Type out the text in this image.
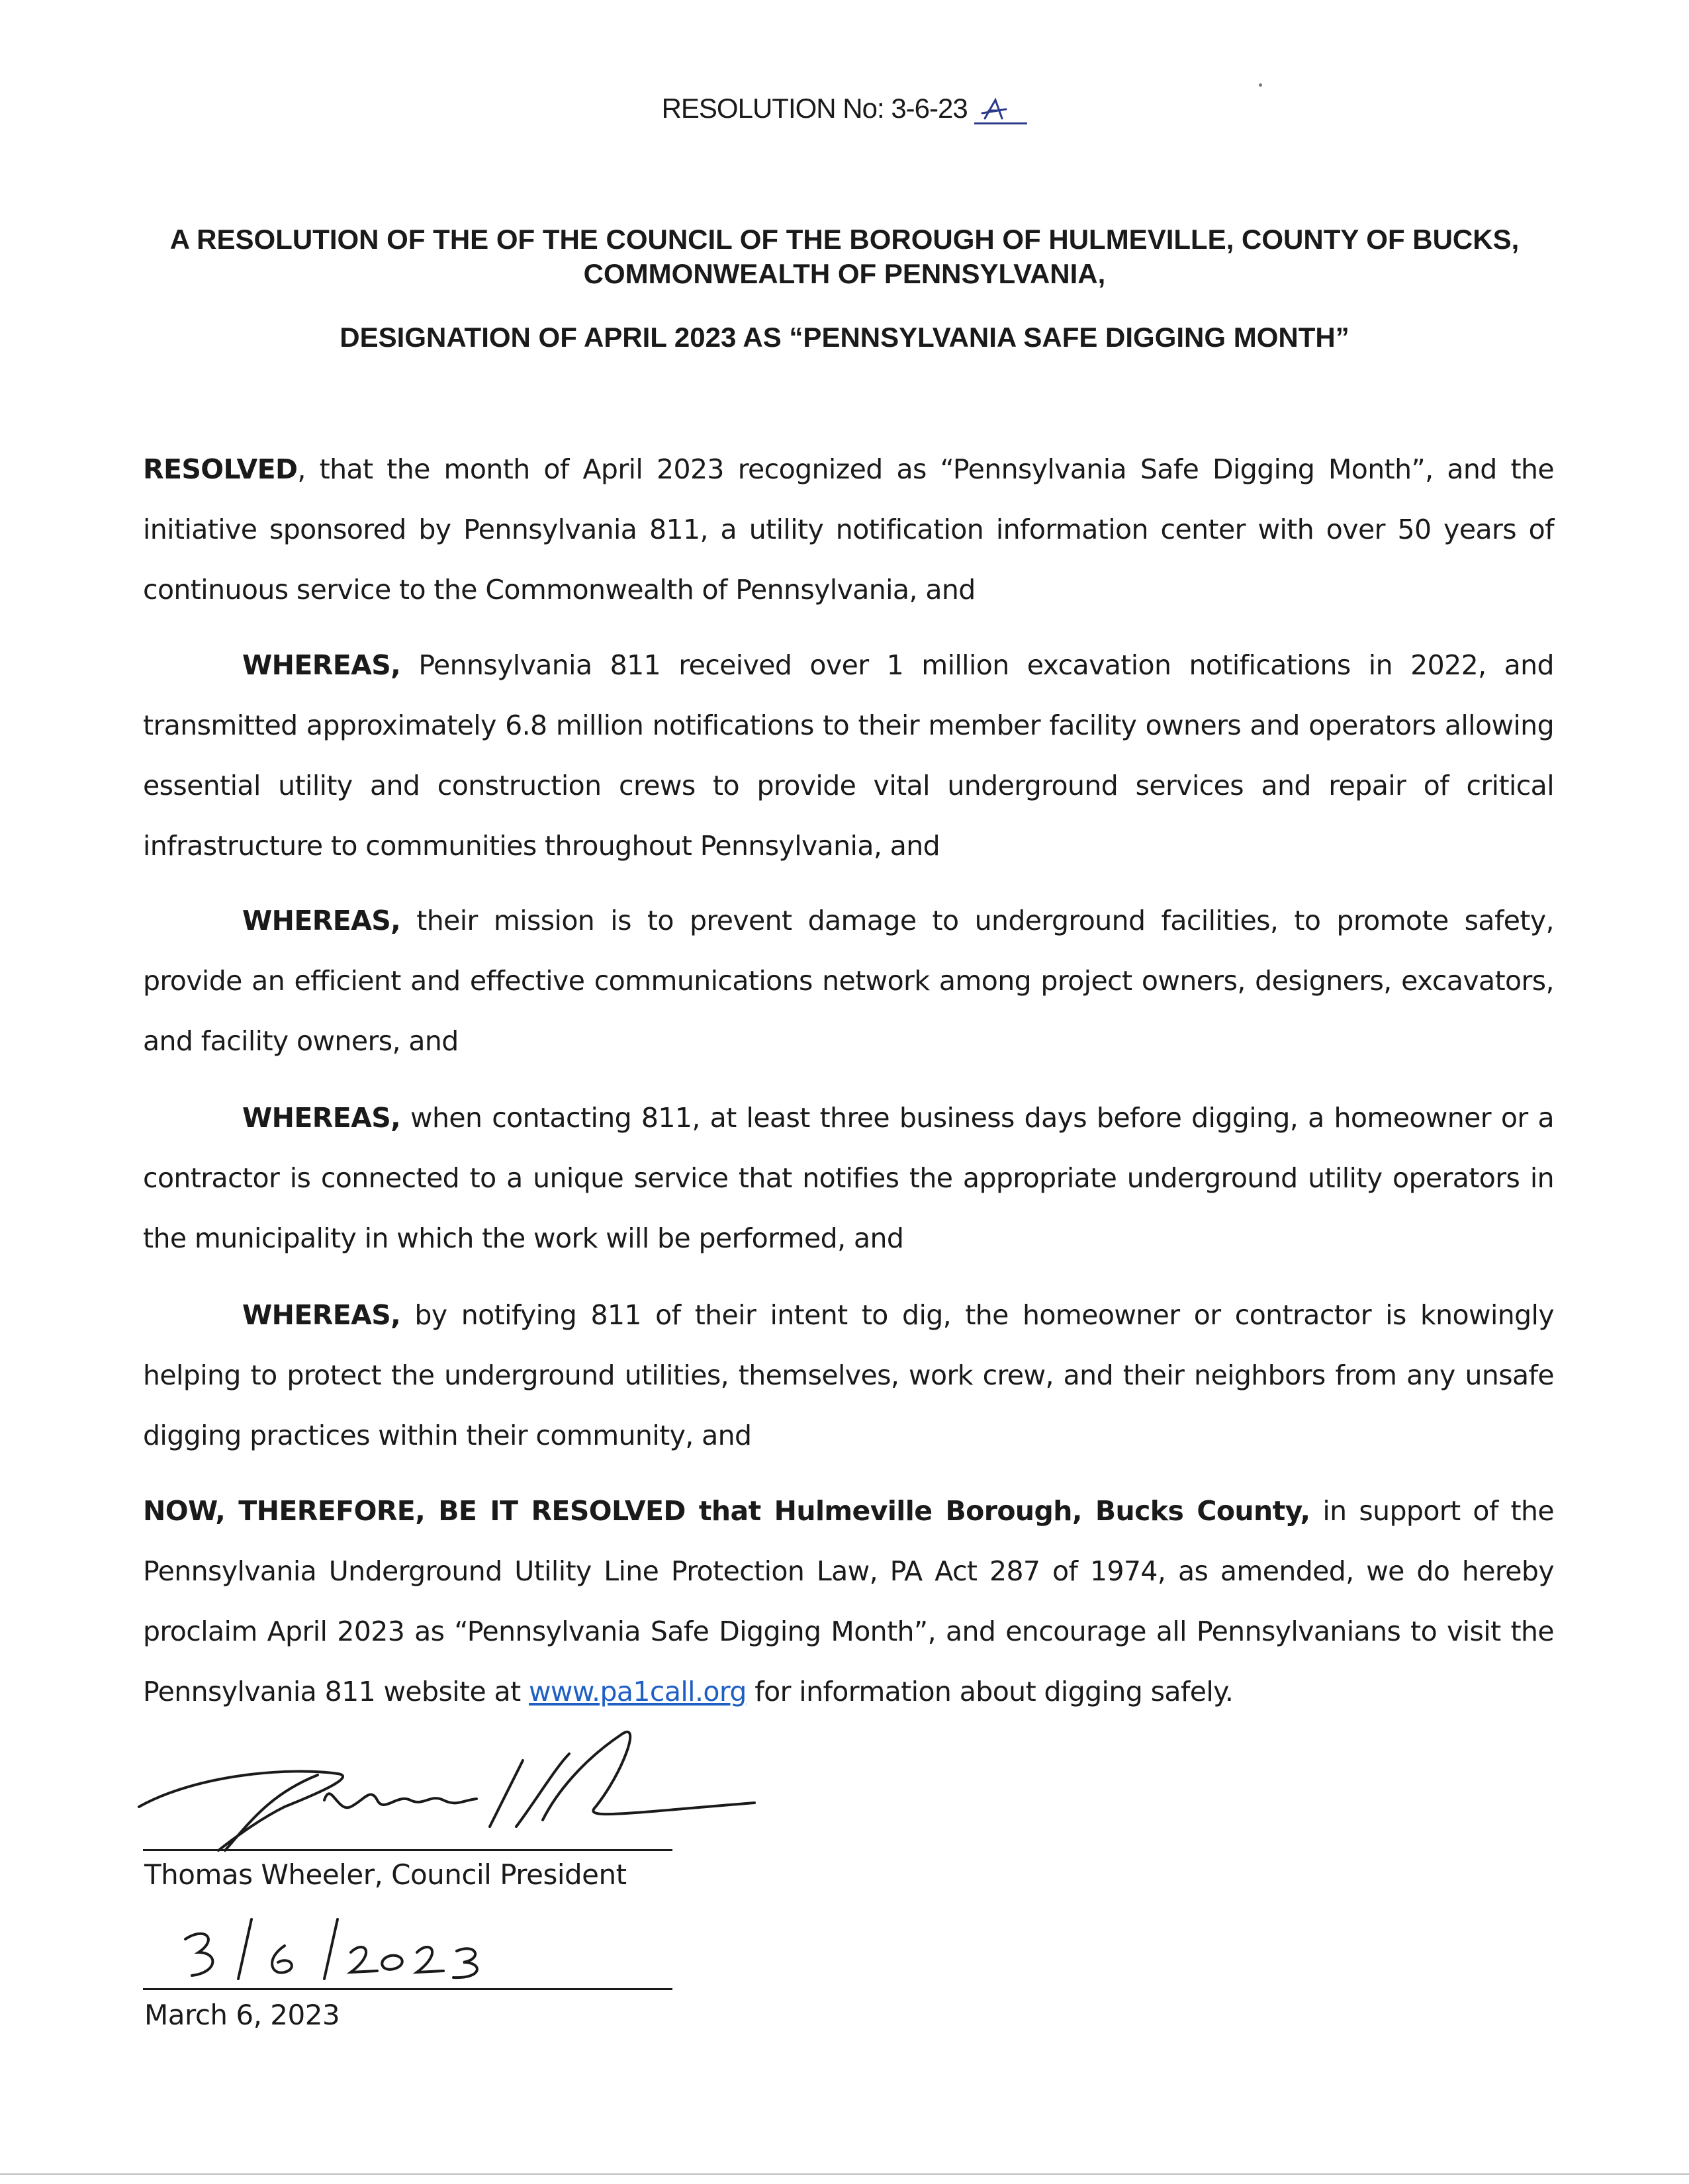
RESOLUTION No: 3-6-23
A RESOLUTION OF THE OF THE COUNCIL OF THE BOROUGH OF HULMEVILLE, COUNTY OF BUCKS, COMMONWEALTH OF PENNSYLVANIA,
DESIGNATION OF APRIL 2023 AS “PENNSYLVANIA SAFE DIGGING MONTH”

RESOLVED, that the month of April 2023 recognized as “Pennsylvania Safe Digging Month”, and the initiative sponsored by Pennsylvania 811, a utility notification information center with over 50 years of continuous service to the Commonwealth of Pennsylvania, and

WHEREAS, Pennsylvania 811 received over 1 million excavation notifications in 2022, and transmitted approximately 6.8 million notifications to their member facility owners and operators allowing essential utility and construction crews to provide vital underground services and repair of critical infrastructure to communities throughout Pennsylvania, and

WHEREAS, their mission is to prevent damage to underground facilities, to promote safety, provide an efficient and effective communications network among project owners, designers, excavators, and facility owners, and

WHEREAS, when contacting 811, at least three business days before digging, a homeowner or a contractor is connected to a unique service that notifies the appropriate underground utility operators in the municipality in which the work will be performed, and

WHEREAS, by notifying 811 of their intent to dig, the homeowner or contractor is knowingly helping to protect the underground utilities, themselves, work crew, and their neighbors from any unsafe digging practices within their community, and

NOW, THEREFORE, BE IT RESOLVED that Hulmeville Borough, Bucks County, in support of the Pennsylvania Underground Utility Line Protection Law, PA Act 287 of 1974, as amended, we do hereby proclaim April 2023 as “Pennsylvania Safe Digging Month”, and encourage all Pennsylvanians to visit the Pennsylvania 811 website at www.pa1call.org for information about digging safely.

Thomas Wheeler, Council President
March 6, 2023
